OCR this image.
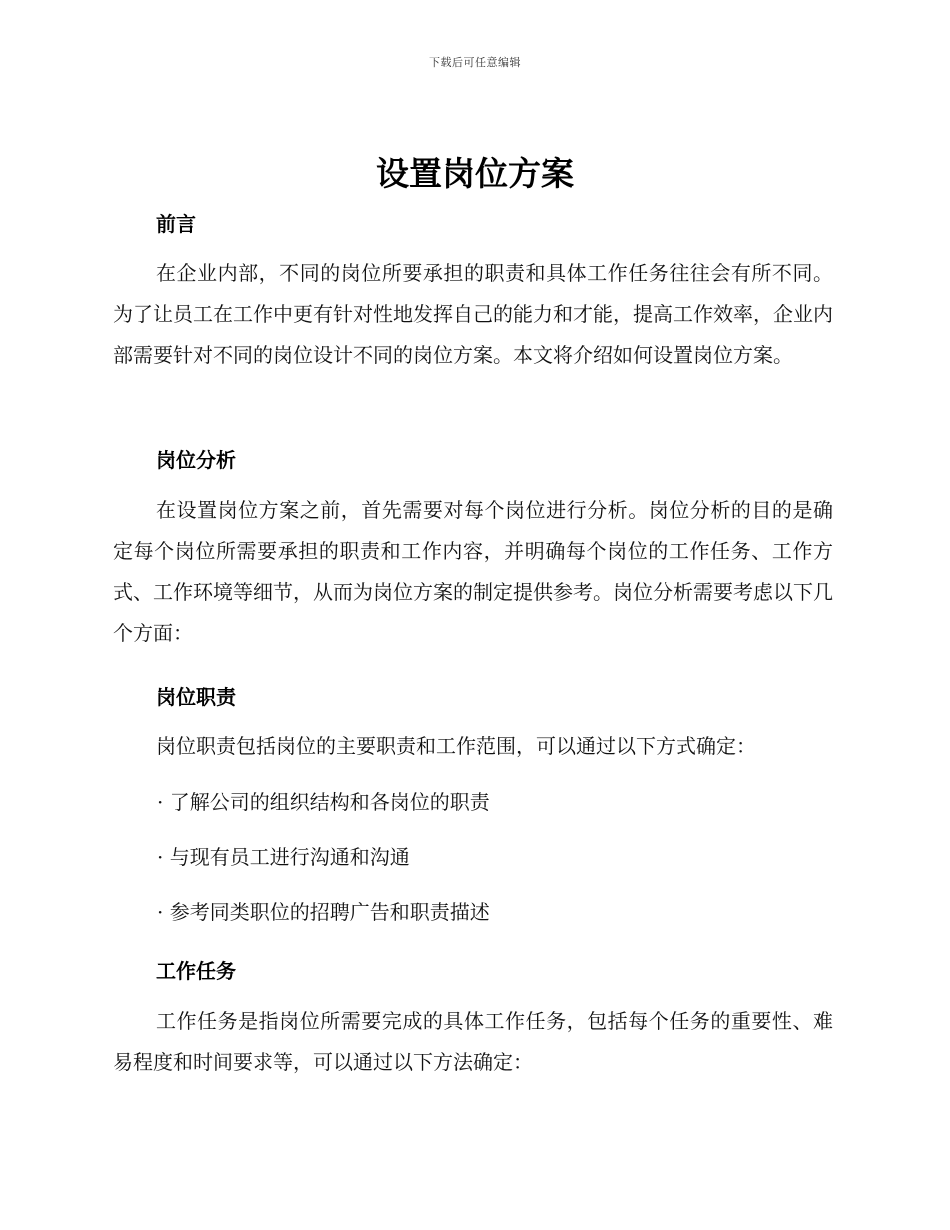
下载后可任意编辑
设置岗位方案
前言

在企业内部，不同的岗位所要承担的职责和具体工作任务往往会有所不同。为了让员工在工作中更有针对性地发挥自己的能力和才能，提高工作效率，企业内部需要针对不同的岗位设计不同的岗位方案。本文将介绍如何设置岗位方案。

岗位分析

在设置岗位方案之前，首先需要对每个岗位进行分析。岗位分析的目的是确定每个岗位所需要承担的职责和工作内容，并明确每个岗位的工作任务、工作方式、工作环境等细节，从而为岗位方案的制定提供参考。岗位分析需要考虑以下几个方面：

岗位职责

岗位职责包括岗位的主要职责和工作范围，可以通过以下方式确定：

· 了解公司的组织结构和各岗位的职责

· 与现有员工进行沟通和沟通

· 参考同类职位的招聘广告和职责描述

工作任务

工作任务是指岗位所需要完成的具体工作任务，包括每个任务的重要性、难易程度和时间要求等，可以通过以下方法确定：
